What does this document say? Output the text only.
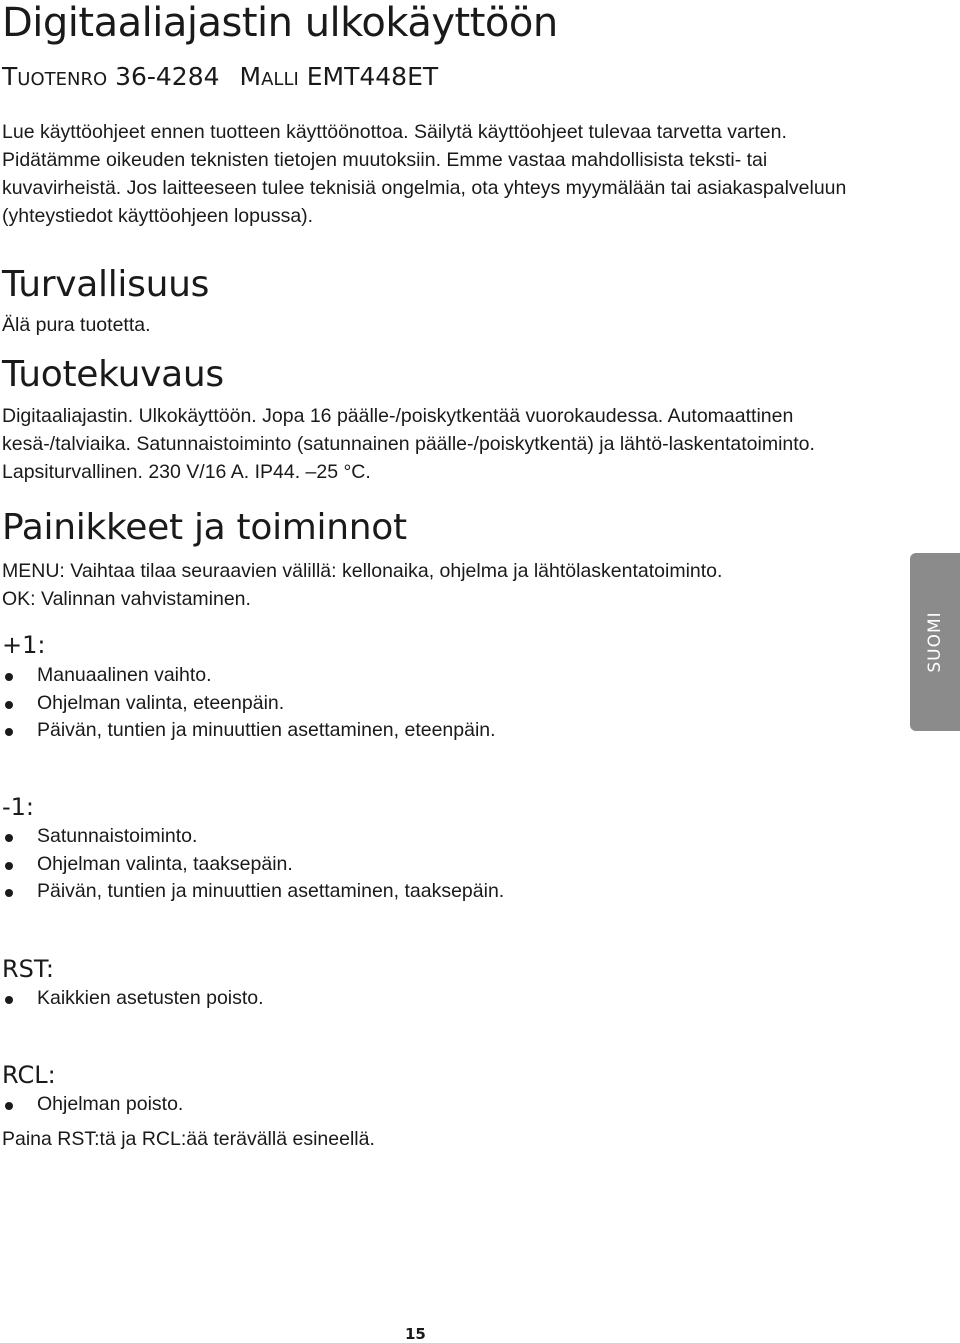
Digitaaliajastin ulkokäyttöön
Tuotenro 36-4284 Malli EMT448ET

Lue käyttöohjeet ennen tuotteen käyttöönottoa. Säilytä käyttöohjeet tulevaa tarvetta varten. Pidätämme oikeuden teknisten tietojen muutoksiin. Emme vastaa mahdollisista teksti- tai kuvavirheistä. Jos laitteeseen tulee teknisiä ongelmia, ota yhteys myymälään tai asiakaspalveluun (yhteystiedot käyttöohjeen lopussa).

Turvallisuus

Älä pura tuotetta.

Tuotekuvaus

Digitaaliajastin. Ulkokäyttöön. Jopa 16 päälle-/poiskytkentää vuorokaudessa. Automaattinen kesä-/talviaika. Satunnaistoiminto (satunnainen päälle-/poiskytkentä) ja lähtö-laskentatoiminto. Lapsiturvallinen. 230 V/16 A. IP44. –25 °C.

Painikkeet ja toiminnot

MENU: Vaihtaa tilaa seuraavien välillä: kellonaika, ohjelma ja lähtölaskentatoiminto.

OK: Valinnan vahvistaminen.

+1:
Manuaalinen vaihto.
Ohjelman valinta, eteenpäin.
Päivän, tuntien ja minuuttien asettaminen, eteenpäin.
-1:
Satunnaistoiminto.
Ohjelman valinta, taaksepäin.
Päivän, tuntien ja minuuttien asettaminen, taaksepäin.
RST:
Kaikkien asetusten poisto.
RCL:
Ohjelman poisto.

Paina RST:tä ja RCL:ää terävällä esineellä.

SUOMI
15
